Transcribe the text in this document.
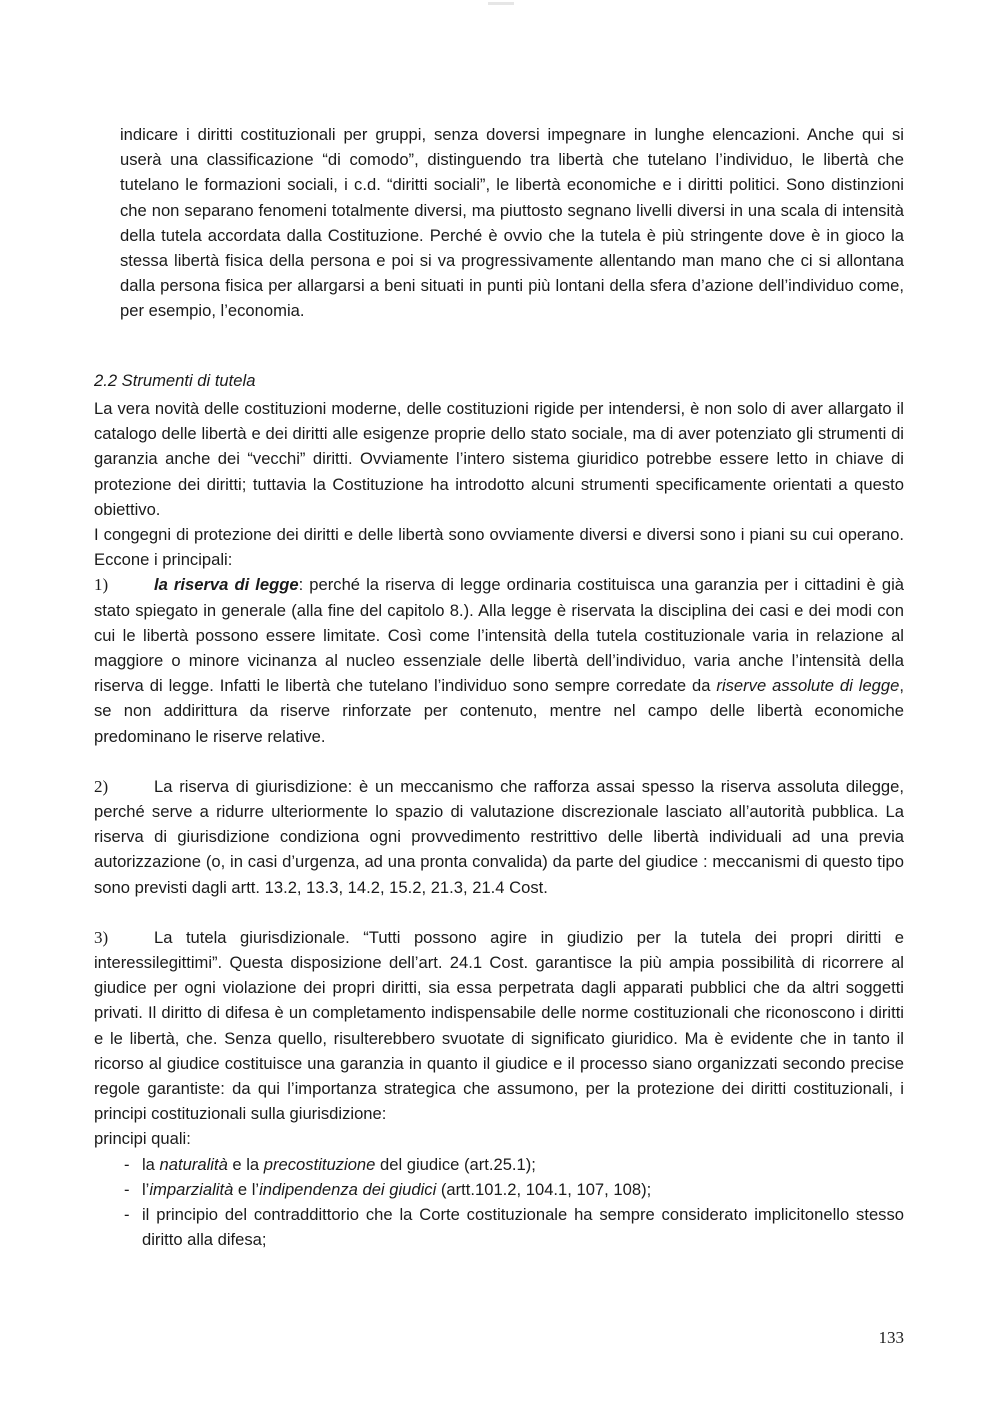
indicare i diritti costituzionali per gruppi, senza doversi impegnare in lunghe elencazioni. Anche qui si userà una classificazione “di comodo”, distinguendo tra libertà che tutelano l’individuo, le libertà che tutelano le formazioni sociali, i c.d. “diritti sociali”, le libertà economiche e i diritti politici. Sono distinzioni che non separano fenomeni totalmente diversi, ma piuttosto segnano livelli diversi in una scala di intensità della tutela accordata dalla Costituzione. Perché è ovvio che la tutela è più stringente dove è in gioco la stessa libertà fisica della persona e poi si va progressivamente allentando man mano che ci si allontana dalla persona fisica per allargarsi a beni situati in punti più lontani della sfera d’azione dell’individuo come, per esempio, l’economia.

2.2 Strumenti di tutela

La vera novità delle costituzioni moderne, delle costituzioni rigide per intendersi, è non solo di aver allargato il catalogo delle libertà e dei diritti alle esigenze proprie dello stato sociale, ma di aver potenziato gli strumenti di garanzia anche dei “vecchi” diritti. Ovviamente l’intero sistema giuridico potrebbe essere letto in chiave di protezione dei diritti; tuttavia la Costituzione ha introdotto alcuni strumenti specificamente orientati a questo obiettivo.

I congegni di protezione dei diritti e delle libertà sono ovviamente diversi e diversi sono i piani su cui operano. Eccone i principali:

1)	la riserva di legge: perché la riserva di legge ordinaria costituisca una garanzia per i cittadini è già stato spiegato in generale (alla fine del capitolo 8.). Alla legge è riservata la disciplina dei casi e dei modi con cui le libertà possono essere limitate. Così come l’intensità della tutela costituzionale varia in relazione al maggiore o minore vicinanza al nucleo essenziale delle libertà dell’individuo, varia anche l’intensità della riserva di legge. Infatti le libertà che tutelano l’individuo sono sempre corredate da riserve assolute di legge, se non addirittura da riserve rinforzate per contenuto, mentre nel campo delle libertà economiche predominano le riserve relative.

2)	La riserva di giurisdizione: è un meccanismo che rafforza assai spesso la riserva assoluta dilegge, perché serve a ridurre ulteriormente lo spazio di valutazione discrezionale lasciato all’autorità pubblica. La riserva di giurisdizione condiziona ogni provvedimento restrittivo delle libertà individuali ad una previa autorizzazione (o, in casi d’urgenza, ad una pronta convalida) da parte del giudice : meccanismi di questo tipo sono previsti dagli artt. 13.2, 13.3, 14.2, 15.2, 21.3, 21.4 Cost.

3)	La tutela giurisdizionale. “Tutti possono agire in giudizio per la tutela dei propri diritti e interessilegittimi”. Questa disposizione dell’art. 24.1 Cost. garantisce la più ampia possibilità di ricorrere al giudice per ogni violazione dei propri diritti, sia essa perpetrata dagli apparati pubblici che da altri soggetti privati. Il diritto di difesa è un completamento indispensabile delle norme costituzionali che riconoscono i diritti e le libertà, che. Senza quello, risulterebbero svuotate di significato giuridico. Ma è evidente che in tanto il ricorso al giudice costituisce una garanzia in quanto il giudice e il processo siano organizzati secondo precise regole garantiste: da qui l’importanza strategica che assumono, per la protezione dei diritti costituzionali, i principi costituzionali sulla giurisdizione:

principi quali:

- la naturalità e la precostituzione del giudice (art.25.1);
- l’imparzialità e l’indipendenza dei giudici (artt.101.2, 104.1, 107, 108);
- il principio del contraddittorio che la Corte costituzionale ha sempre considerato implicitonello stesso diritto alla difesa;
133
